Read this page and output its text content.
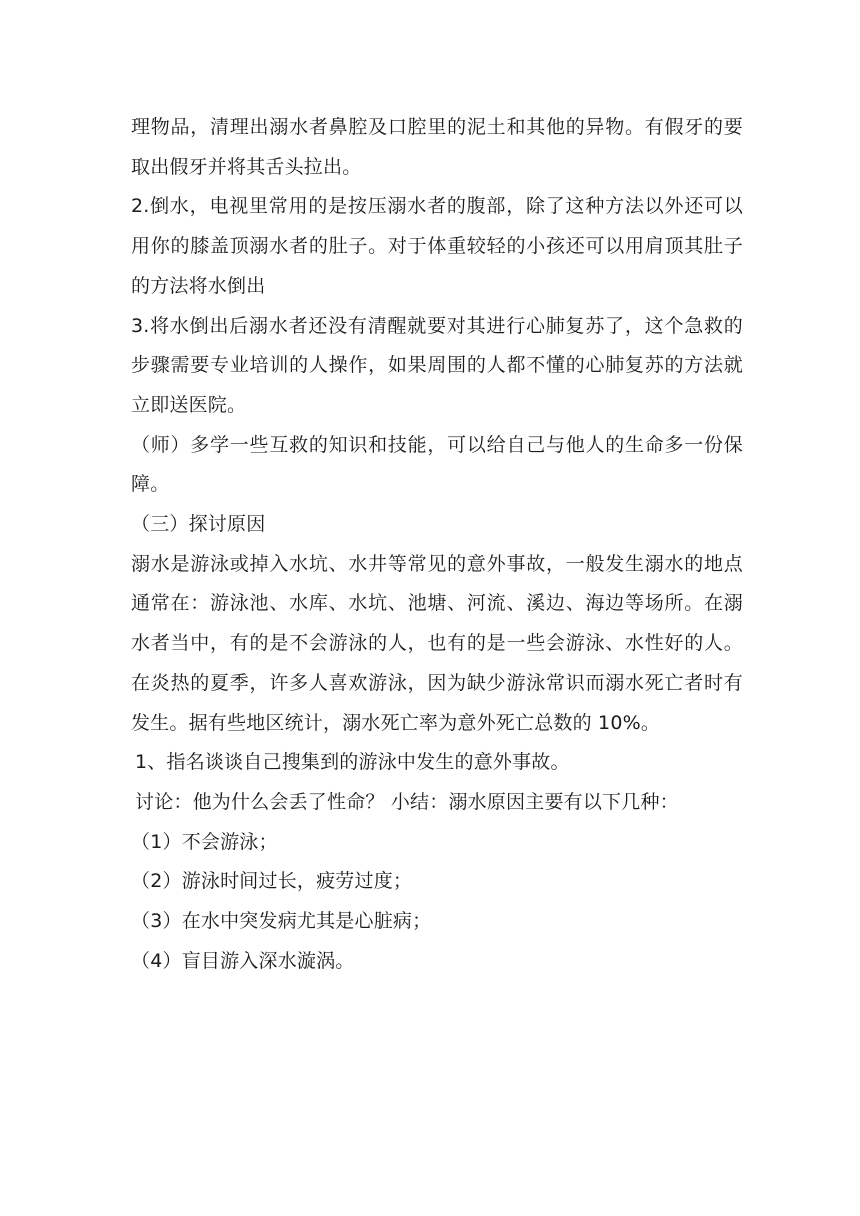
理物品，清理出溺水者鼻腔及口腔里的泥土和其他的异物。有假牙的要取出假牙并将其舌头拉出。

2.倒水，电视里常用的是按压溺水者的腹部，除了这种方法以外还可以用你的膝盖顶溺水者的肚子。对于体重较轻的小孩还可以用肩顶其肚子的方法将水倒出

3.将水倒出后溺水者还没有清醒就要对其进行心肺复苏了，这个急救的步骤需要专业培训的人操作，如果周围的人都不懂的心肺复苏的方法就立即送医院。

（师）多学一些互救的知识和技能，可以给自己与他人的生命多一份保障。

（三）探讨原因

溺水是游泳或掉入水坑、水井等常见的意外事故，一般发生溺水的地点通常在：游泳池、水库、水坑、池塘、河流、溪边、海边等场所。在溺水者当中，有的是不会游泳的人，也有的是一些会游泳、水性好的人。在炎热的夏季，许多人喜欢游泳，因为缺少游泳常识而溺水死亡者时有发生。据有些地区统计，溺水死亡率为意外死亡总数的 10%。

1、指名谈谈自己搜集到的游泳中发生的意外事故。

讨论：他为什么会丢了性命？ 小结：溺水原因主要有以下几种：

（1）不会游泳；

（2）游泳时间过长，疲劳过度；

（3）在水中突发病尤其是心脏病；

（4）盲目游入深水漩涡。
